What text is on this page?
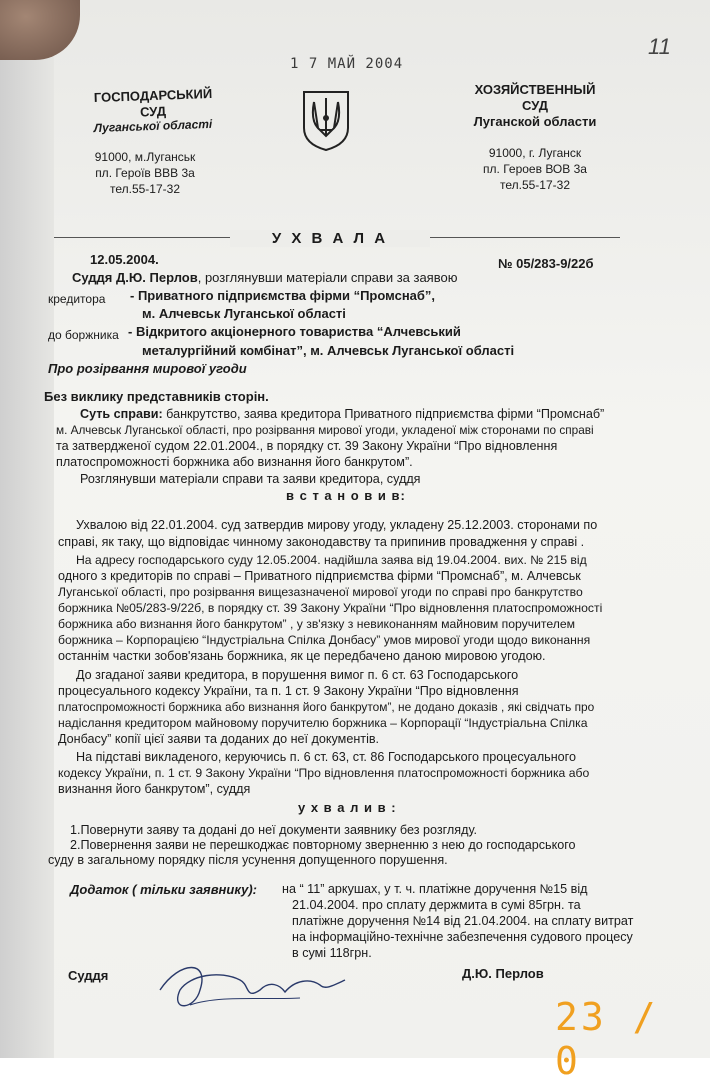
1 7 МАЙ 2004
11
ГОСПОДАРСЬКИЙ
СУД
Луганської області
91000, м.Луганськ
пл. Героїв ВВВ 3а
тел.55-17-32
ХОЗЯЙСТВЕННЫЙ
СУД
Луганской области
91000, г. Луганск
пл. Героев ВОВ 3а
тел.55-17-32
У Х В А Л А
12.05.2004.	№ 05/283-9/22б
Суддя Д.Ю. Перлов, розглянувши матеріали справи за заявою
кредитора - Приватного підприємства фірми “Промснаб”,
м. Алчевськ Луганської області
до боржника - Відкритого акціонерного товариства “Алчевський
металургійний комбінат”, м. Алчевськ Луганської області
Про розірвання мирової угоди
Без виклику представників сторін.
Суть справи: банкрутство, заява кредитора Приватного підприємства фірми “Промснаб”
м. Алчевськ Луганської області, про розірвання мирової угоди, укладеної між сторонами по справі
та затвердженої судом 22.01.2004., в порядку ст. 39 Закону України “Про відновлення
платоспроможності боржника або визнання його банкрутом”.
Розглянувши матеріали справи та заяви кредитора, суддя
в с т а н о в и в:
Ухвалою від 22.01.2004. суд затвердив мирову угоду, укладену 25.12.2003. сторонами по
справі, як таку, що відповідає чинному законодавству та припинив провадження у справі .
На адресу господарського суду 12.05.2004. надійшла заява від 19.04.2004. вих. № 215 від
одного з кредиторів по справі – Приватного підприємства фірми “Промснаб”, м. Алчевськ
Луганської області, про розірвання вищезазначеної мирової угоди по справі про банкрутство
боржника №05/283-9/22б, в порядку ст. 39 Закону України “Про відновлення платоспроможності
боржника або визнання його банкрутом” , у зв'язку з невиконанням майновим поручителем
боржника – Корпорацією “Індустріальна Спілка Донбасу” умов мирової угоди щодо виконання
останнім частки зобов'язань боржника, як це передбачено даною мировою угодою.
До згаданої заяви кредитора, в порушення вимог п. 6 ст. 63 Господарського
процесуального кодексу України, та п. 1 ст. 9 Закону України “Про відновлення
платоспроможності боржника або визнання його банкрутом”, не додано доказів , які свідчать про
надіслання кредитором майновому поручителю боржника – Корпорації “Індустріальна Спілка
Донбасу” копії цієї заяви та доданих до неї документів.
На підставі викладеного, керуючись п. 6 ст. 63, ст. 86 Господарського процесуального
кодексу України, п. 1 ст. 9 Закону України “Про відновлення платоспроможності боржника або
визнання його банкрутом”, суддя
у х в а л и в :
1.Повернути заяву та додані до неї документи заявнику без розгляду.
2.Повернення заяви не перешкоджає повторному зверненню з нею до господарського
суду в загальному порядку після усунення допущенного порушення.
Додаток ( тільки заявнику): на “ 11” аркушах, у т. ч. платіжне доручення №15 від
21.04.2004. про сплату держмита в сумі 85грн. та
платіжне доручення №14 від 21.04.2004. на сплату витрат
на інформаційно-технічне забезпечення судового процесу
в сумі 118грн.
Суддя	Д.Ю. Перлов
23 / 0
